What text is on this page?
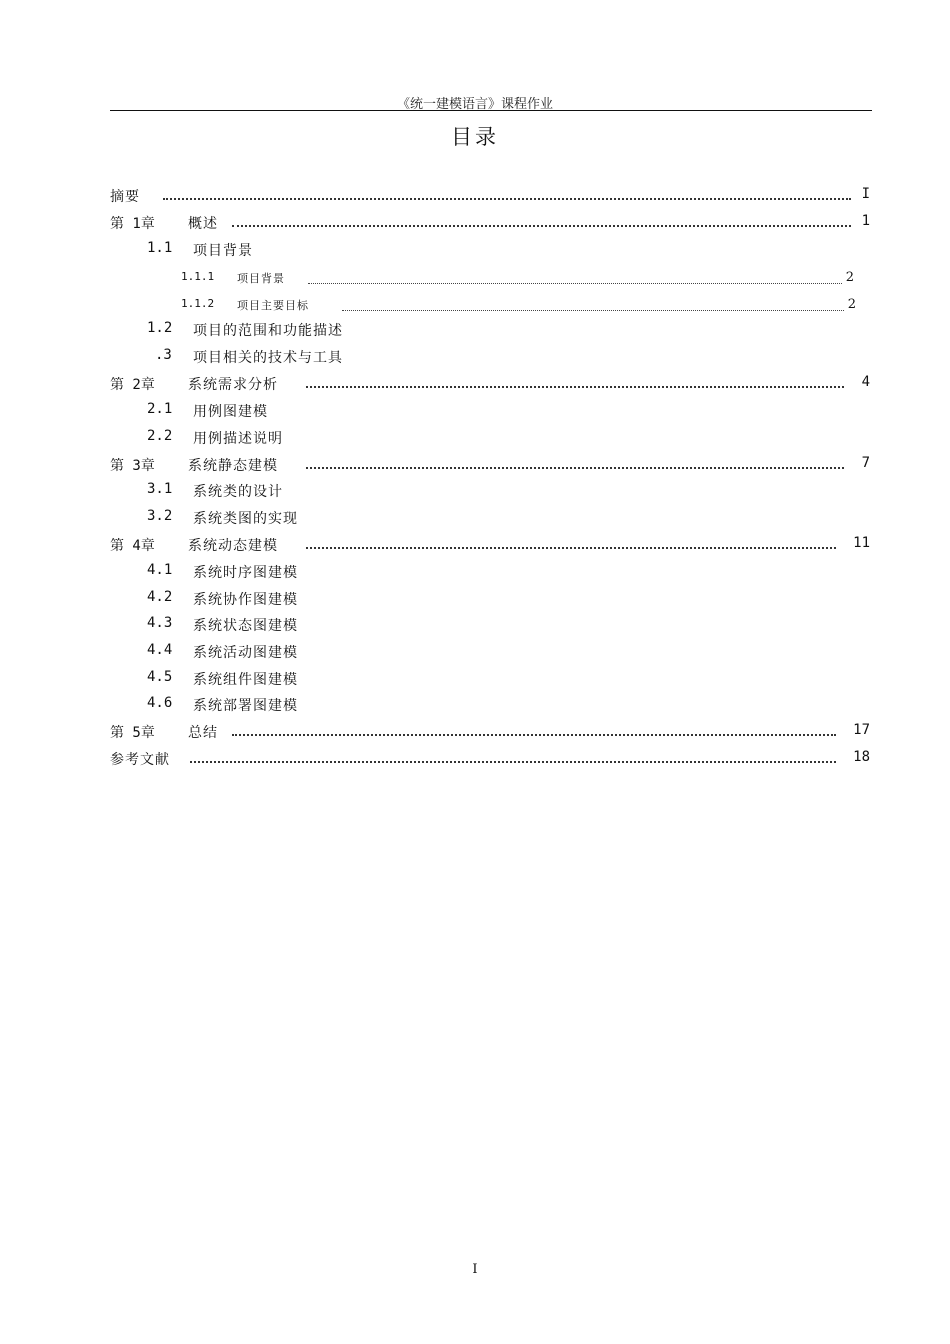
《统一建模语言》课程作业
目录
摘要	I
第 1章 概述	1
1.1 项目背景
1.1.1 项目背景	2
1.1.2 项目主要目标	2
1.2 项目的范围和功能描述
.3 项目相关的技术与工具
第 2章 系统需求分析	4
2.1 用例图建模
2.2 用例描述说明
第 3章 系统静态建模	7
3.1 系统类的设计
3.2 系统类图的实现
第 4章 系统动态建模	11
4.1 系统时序图建模
4.2 系统协作图建模
4.3 系统状态图建模
4.4 系统活动图建模
4.5 系统组件图建模
4.6 系统部署图建模
第 5章 总结	17
参考文献	18
I
